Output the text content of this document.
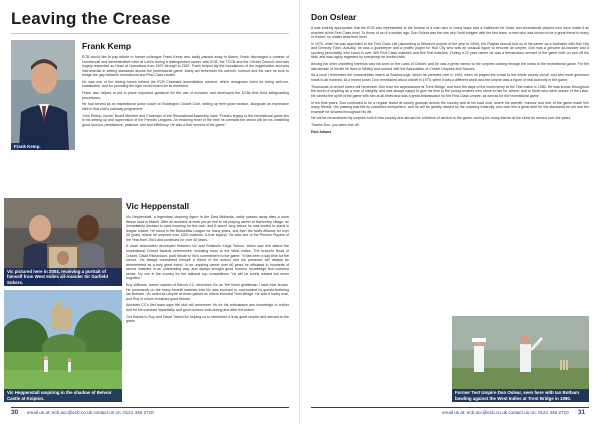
Leaving the Crease
Frank Kemp.
Frank Kemp

ECB would like to pay tribute to former colleague Frank Kemp who sadly passed away in March. Frank discharged a number of commercial and administrative roles at Lord's during a distinguished career, with ECB, the TCCB and the Cricket Council, and was hugely respected as Head of Operations from 1997 through to 2007. Frank helped lay the foundations of the organisation and was instrumental in setting standards across the professional game. Many will remember his warmth, humour and the care he took to bridge the gap between recreational and First Class cricket.

He was one of the driving forces behind the ECB Clubmark accreditation scheme, which recognises clubs for being well-run, sustainable, and for providing the right environment for its members.

Frank also helped to put in place important guidance for the use of inclusion and developed the ECBs first child safeguarding procedures.

He had served as an inspirational junior coach at Teddington Cricket Club, setting up their junior section, alongside an impressive stint in that club's pathway programme.

John Pickup, former Board Member and Chairman of the Recreational Assembly, said: "Frank's legacy to the recreational game lies in his setting up and supervision of the Premier Leagues. An enduring tenet of the time he oversaw the sector will be his unstinting good humour, persistence, patience, tact and efficiency. He was a true servant of the game."

Vic pictured here in 2004, receiving a portrait of himself from West Indies all-rounder Sir Garfield Sobers.
Vic Heppenstall

Vic Heppenstall, a legendary umpiring figure in the East Midlands, sadly passed away after a short illness back in March. After an accident at work put an end to his playing career at Harworthy village, he immediately decided to start umpiring for the club, and it wasn't long before he was invited to stand in league cricket. He stood in the Bassetlaw League for many years, and then the Notts Alliance for over 40 years, where he umpired over 1000 matches. A true legend, Vic was one of the Pinxton Players of the Year from 2004 and continued for over 40 years.

A close association developed between Vic and Rutland's Kings School, which saw him attend the Inspirational Cricket Awards ceremonies, including tours to the West Indies. The school's Head of Cricket, David Richardson, paid tribute to Vic's commitment to the game: "It has been a sad time for the school. Vic always considered himself a friend of the school and his presence will always be remembered as a truly great friend. In an umpiring career over 60 years he officiated in hundreds of school matches in an outstanding way, and always brought good humour, knowledge and common sense. No one in the country for the national cup competitions. Vic will be sorely missed but never forgotten."

Roy Williams, former captain of Belvoir CC, describes Vic as "the finest gentleman I have ever known. He commands on the many benefit matches that Vic was involved in, surrounded by guests featuring Ian Botham, Vic acted as Umpire at those games as others included Trent Bridge. He was a lovely man, and Roy of whom remained good friends.

Ancaster CC's first team says the club will remember Vic for his enthusiasm and knowledge of cricket and for his constant impartiality and good humour both during and after the match.

Our thanks to Roy and David Tweed for helping us to remember a truly great umpire and servant to the game.

Vic Heppenstall umpiring in the shadow of Belvoir Castle at Knipton.
30 email us at: ecb.acc@ecb.co.uk contact us on: 0121 446 2710
Don Oslear

It was entirely appropriate that the ECB was represented at the funeral of a man who in many ways was a trailblazer for those non-recreational players who have made it as umpires at the First Class level. To those of us of a certain age, Don Oslear was the one who 'built bridges' with the first team, a man who was known to be a great friend to many in cricket, no matter what their level.

In 1970, when he was appointed to the First Class List (ascending to Wisden's umpire of the year in 2000), the Playfair Annual told us of his career as a footballer with Hull City and Grimsby Town. Actually, he was a goalkeeper and a prolific player for Hull City who was an unusual figure to become an umpire. Don was a genuine all-rounder and a sporting personality who stood in over 300 First Class matches and five Test matches. During a 22 year career he was a tremendous servant of the game both on and off the field, and was highly regarded by everybody he worked with.

Among his other cricketing interests was his work on the Laws of Cricket, and he was a great mentor to the umpires coming through the ranks in the recreational game. For the last decade of his life he lived in Whitby and worked with the Association of Cricket Umpires and Scorers.

As a local I remember the characteristic match at Scarborough, which he presided over in 1994, when he played the crowd to the whole county circuit, and who were generous hosts to all involved. At a recent lunch, Don reminisced about cricket in 1970, when it was a different world and the umpire was a figure of real authority in the game.

Thousands of cricket lovers will remember Don from his appearances at Trent Bridge, and from the days of the controversy at the Test match in 1980. He was known throughout the world of umpiring as a man of integrity, and was always happy to give his time to the young umpires who came to him for advice, and to those who were unsure of the Laws. He carried the spirit of the game with him at all times and was a great ambassador for the First Class umpire, as well as for the recreational game.

In his final years, Don continued to be a regular visitor at county grounds across the country and at his local club, where his warmth, humour and love of the game made him many friends. His passing was felt by cricketers everywhere, and he will be greatly missed by the umpiring fraternity, who owe him a great debt for the standards he set and the example he showed throughout his life.

He will be remembered by umpires both in this country and abroad for a lifetime of service to the game, and by his many friends at the clubs he served over the years.

Thanks Don, you were one-off.

Paul Adams

Former Test Umpire Don Oslear, seen here with Ian Botham bowling against the West Indies at Trent Bridge in 1980.
email us at: ecb.acc@ecb.co.uk contact us on: 0121 446 2710 31
